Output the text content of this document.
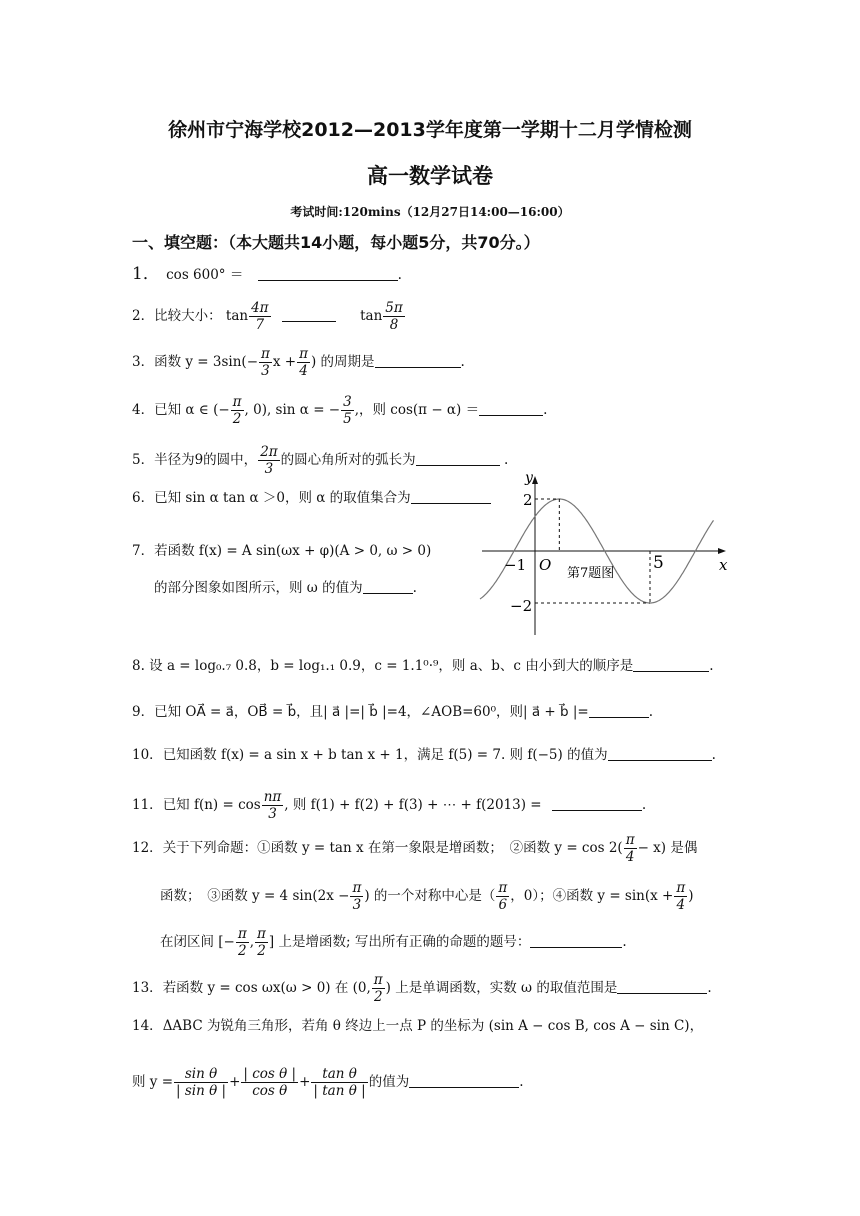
徐州市宁海学校2012—2013学年度第一学期十二月学情检测
高一数学试卷
考试时间:120mins（12月27日14:00—16:00）
一、填空题：（本大题共14小题，每小题5分，共70分。）
1． cos 600° ＝	.
2．比较大小： $\tan \frac{4\pi}{7}$	$\tan \frac{5\pi}{8}$
3．函数 $y = 3\sin(- \frac{\pi}{3}$ $x + \frac{\pi}{4}$ ) 的周期是	.
4．已知 α ∈ (− $\frac{\pi}{2}$ , 0), sin α = − $\frac{3}{5}$ ,，则 cos(π − α) ＝	.
5．半径为9的圆中， $\frac{2\pi}{3}$ 的圆心角所对的弧长为	.
6．已知 sin α tan α ＞0，则 α 的取值集合为
7．若函数 f(x) = A sin(ωx + φ)(A > 0, ω > 0)
的部分图象如图所示，则 ω 的值为	.
y
x
O
−1	5
2
−2
第7题图
8. 设 a = log₀.₇ 0.8，b = log₁.₁ 0.9，c = 1.1⁰·⁹，则 a、b、c 由小到大的顺序是	.
9．已知 OA⃗ = a⃗，OB⃗ = b⃗，且| a⃗ |=| b⃗ |=4，∠AOB=60⁰，则| a⃗ + b⃗ |=	.
10．已知函数 f(x) = a sin x + b tan x + 1，满足 f(5) = 7. 则 f(−5) 的值为	.
11．已知 $f(n) = \cos \frac{n\pi}{3}$ , 则 f(1) + f(2) + f(3) + ⋯ + f(2013) =	.
12．关于下列命题：①函数 y = tan x 在第一象限是增函数；　②函数 $y = \cos 2( \frac{\pi}{4} - x)$ 是偶
函数；　③函数 y = 4 $\sin(2x - \frac{\pi}{3}$ ) 的一个对称中心是（ $\frac{\pi}{6}$ ，0）；④函数 $y = \sin(x + \frac{\pi}{4}$ )
在闭区间 [− $\frac{\pi}{2}$ , $\frac{\pi}{2}$ ] 上是增函数; 写出所有正确的命题的题号：	.
13．若函数 y = cos ωx(ω > 0) 在 (0, $\frac{\pi}{2}$ ) 上是单调函数，实数 ω 的取值范围是	.
14．ΔABC 为锐角三角形，若角 θ 终边上一点 P 的坐标为 (sin A − cos B, cos A − sin C)，
则 $y = \frac{\text{sin θ}}{\text{| sin θ |}} + \frac{\text{| cos θ |}}{\text{cos θ}} + \frac{\text{tan θ}}{\text{| tan θ |}}$ 的值为	.
